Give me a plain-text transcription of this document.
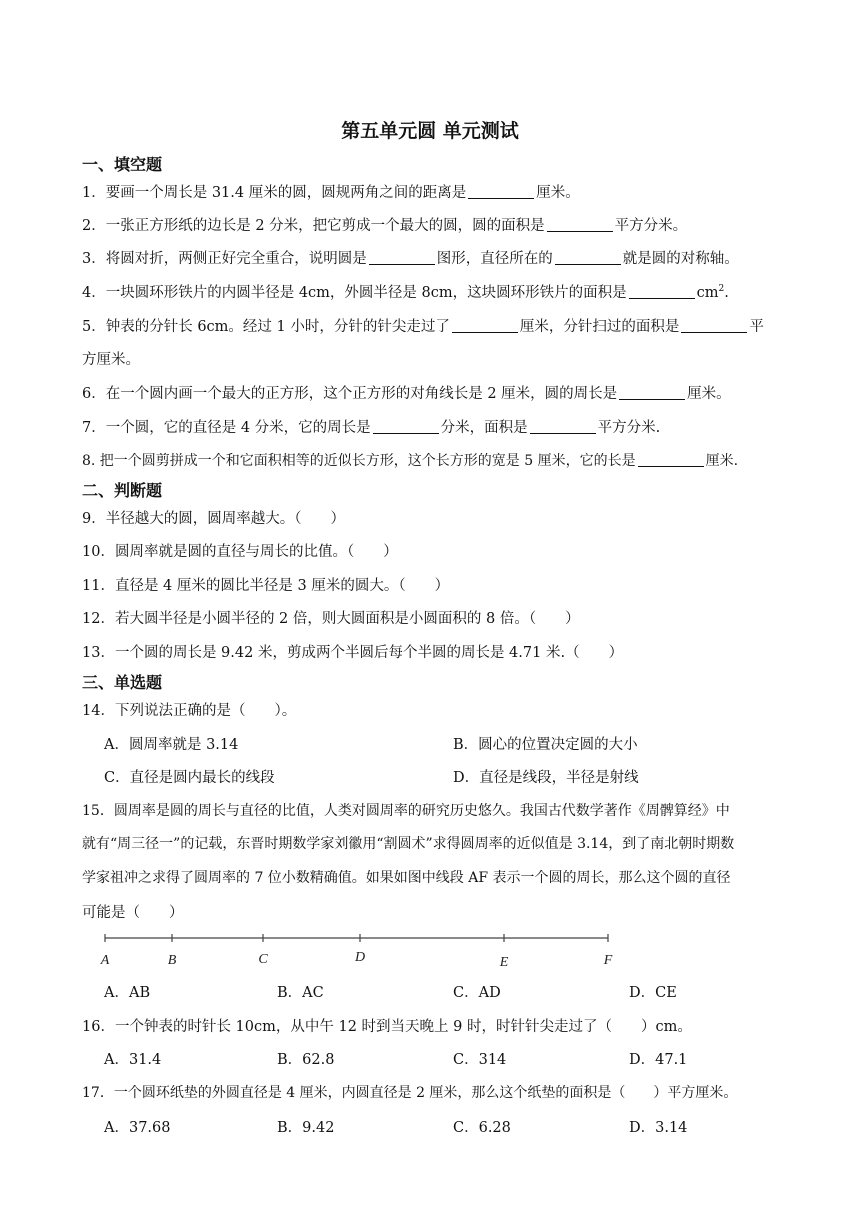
第五单元圆 单元测试
一、填空题
1．要画一个周长是 31.4 厘米的圆，圆规两角之间的距离是	厘米。
2．一张正方形纸的边长是 2 分米，把它剪成一个最大的圆，圆的面积是	平方分米。
3．将圆对折，两侧正好完全重合，说明圆是	图形，直径所在的	就是圆的对称轴。
4．一块圆环形铁片的内圆半径是 4cm，外圆半径是 8cm，这块圆环形铁片的面积是	$cm^2$.
5．钟表的分针长 6cm。经过 1 小时，分针的针尖走过了	厘米，分针扫过的面积是	平
方厘米。
6．在一个圆内画一个最大的正方形，这个正方形的对角线长是 2 厘米，圆的周长是	厘米。
7．一个圆，它的直径是 4 分米，它的周长是	分米，面积是	平方分米.
8. 把一个圆剪拼成一个和它面积相等的近似长方形，这个长方形的宽是 5 厘米，它的长是	厘米.
二、判断题
9．半径越大的圆，圆周率越大。（　　）
10．圆周率就是圆的直径与周长的比值。（　　）
11．直径是 4 厘米的圆比半径是 3 厘米的圆大。（　　）
12．若大圆半径是小圆半径的 2 倍，则大圆面积是小圆面积的 8 倍。（　　）
13．一个圆的周长是 9.42 米，剪成两个半圆后每个半圆的周长是 4.71 米.（　　）
三、单选题
14．下列说法正确的是（　　）。
A．圆周率就是 3.14	B．圆心的位置决定圆的大小
C．直径是圆内最长的线段	D．直径是线段，半径是射线
15．圆周率是圆的周长与直径的比值，人类对圆周率的研究历史悠久。我国古代数学著作《周髀算经》中
就有“周三径一”的记载，东晋时期数学家刘徽用“割圆术”求得圆周率的近似值是 3.14，到了南北朝时期数
学家祖冲之求得了圆周率的 7 位小数精确值。如果如图中线段 AF 表示一个圆的周长，那么这个圆的直径
可能是（　　）
A	B	C	D	E	F
A．AB	B．AC	C．AD	D．CE
16．一个钟表的时针长 10cm，从中午 12 时到当天晚上 9 时，时针针尖走过了（　　）cm。
A．31.4	B．62.8	C．314	D．47.1
17．一个圆环纸垫的外圆直径是 4 厘米，内圆直径是 2 厘米，那么这个纸垫的面积是（　　）平方厘米。
A．37.68	B．9.42	C．6.28	D．3.14
